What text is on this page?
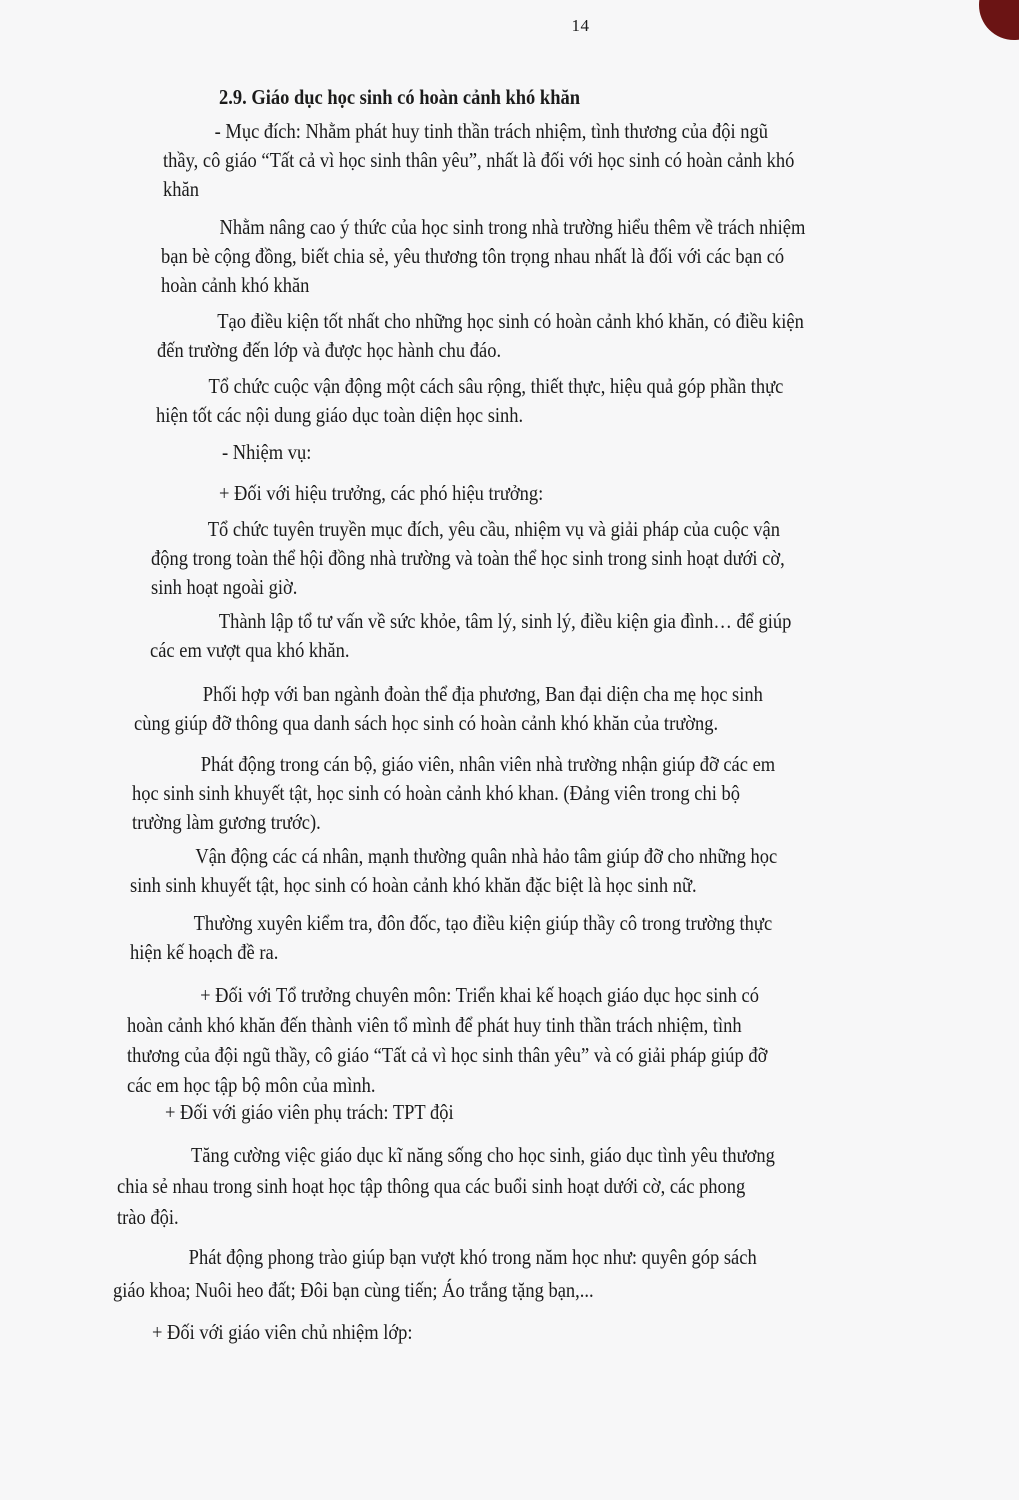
14
2.9. Giáo dục học sinh có hoàn cảnh khó khăn
- Mục đích: Nhằm phát huy tinh thần trách nhiệm, tình thương của đội ngũ
thầy, cô giáo “Tất cả vì học sinh thân yêu”, nhất là đối với học sinh có hoàn cảnh khó
khăn
Nhằm nâng cao ý thức của học sinh trong nhà trường hiểu thêm về trách nhiệm
bạn bè cộng đồng, biết chia sẻ, yêu thương tôn trọng nhau nhất là đối với các bạn có
hoàn cảnh khó khăn
Tạo điều kiện tốt nhất cho những học sinh có hoàn cảnh khó khăn, có điều kiện
đến trường đến lớp và được học hành chu đáo.
Tổ chức cuộc vận động một cách sâu rộng, thiết thực, hiệu quả góp phần thực
hiện tốt các nội dung giáo dục toàn diện học sinh.
- Nhiệm vụ:
+ Đối với hiệu trưởng, các phó hiệu trưởng:
Tổ chức tuyên truyền mục đích, yêu cầu, nhiệm vụ và giải pháp của cuộc vận
động trong toàn thể hội đồng nhà trường và toàn thể học sinh trong sinh hoạt dưới cờ,
sinh hoạt ngoài giờ.
Thành lập tổ tư vấn về sức khỏe, tâm lý, sinh lý, điều kiện gia đình… để giúp
các em vượt qua khó khăn.
Phối hợp với ban ngành đoàn thể địa phương, Ban đại diện cha mẹ học sinh
cùng giúp đỡ thông qua danh sách học sinh có hoàn cảnh khó khăn của trường.
Phát động trong cán bộ, giáo viên, nhân viên nhà trường nhận giúp đỡ các em
học sinh sinh khuyết tật, học sinh có hoàn cảnh khó khan. (Đảng viên trong chi bộ
trường làm gương trước).
Vận động các cá nhân, mạnh thường quân nhà hảo tâm giúp đỡ cho những học
sinh sinh khuyết tật, học sinh có hoàn cảnh khó khăn đặc biệt là học sinh nữ.
Thường xuyên kiểm tra, đôn đốc, tạo điều kiện giúp thầy cô trong trường thực
hiện kế hoạch đề ra.
+ Đối với Tổ trưởng chuyên môn: Triển khai kế hoạch giáo dục học sinh có
hoàn cảnh khó khăn đến thành viên tổ mình để phát huy tinh thần trách nhiệm, tình
thương của đội ngũ thầy, cô giáo “Tất cả vì học sinh thân yêu” và có giải pháp giúp đỡ
các em học tập bộ môn của mình.
+ Đối với giáo viên phụ trách: TPT đội
Tăng cường việc giáo dục kĩ năng sống cho học sinh, giáo dục tình yêu thương
chia sẻ nhau trong sinh hoạt học tập thông qua các buổi sinh hoạt dưới cờ, các phong
trào đội.
Phát động phong trào giúp bạn vượt khó trong năm học như: quyên góp sách
giáo khoa; Nuôi heo đất; Đôi bạn cùng tiến; Áo trắng tặng bạn,...
+ Đối với giáo viên chủ nhiệm lớp:
